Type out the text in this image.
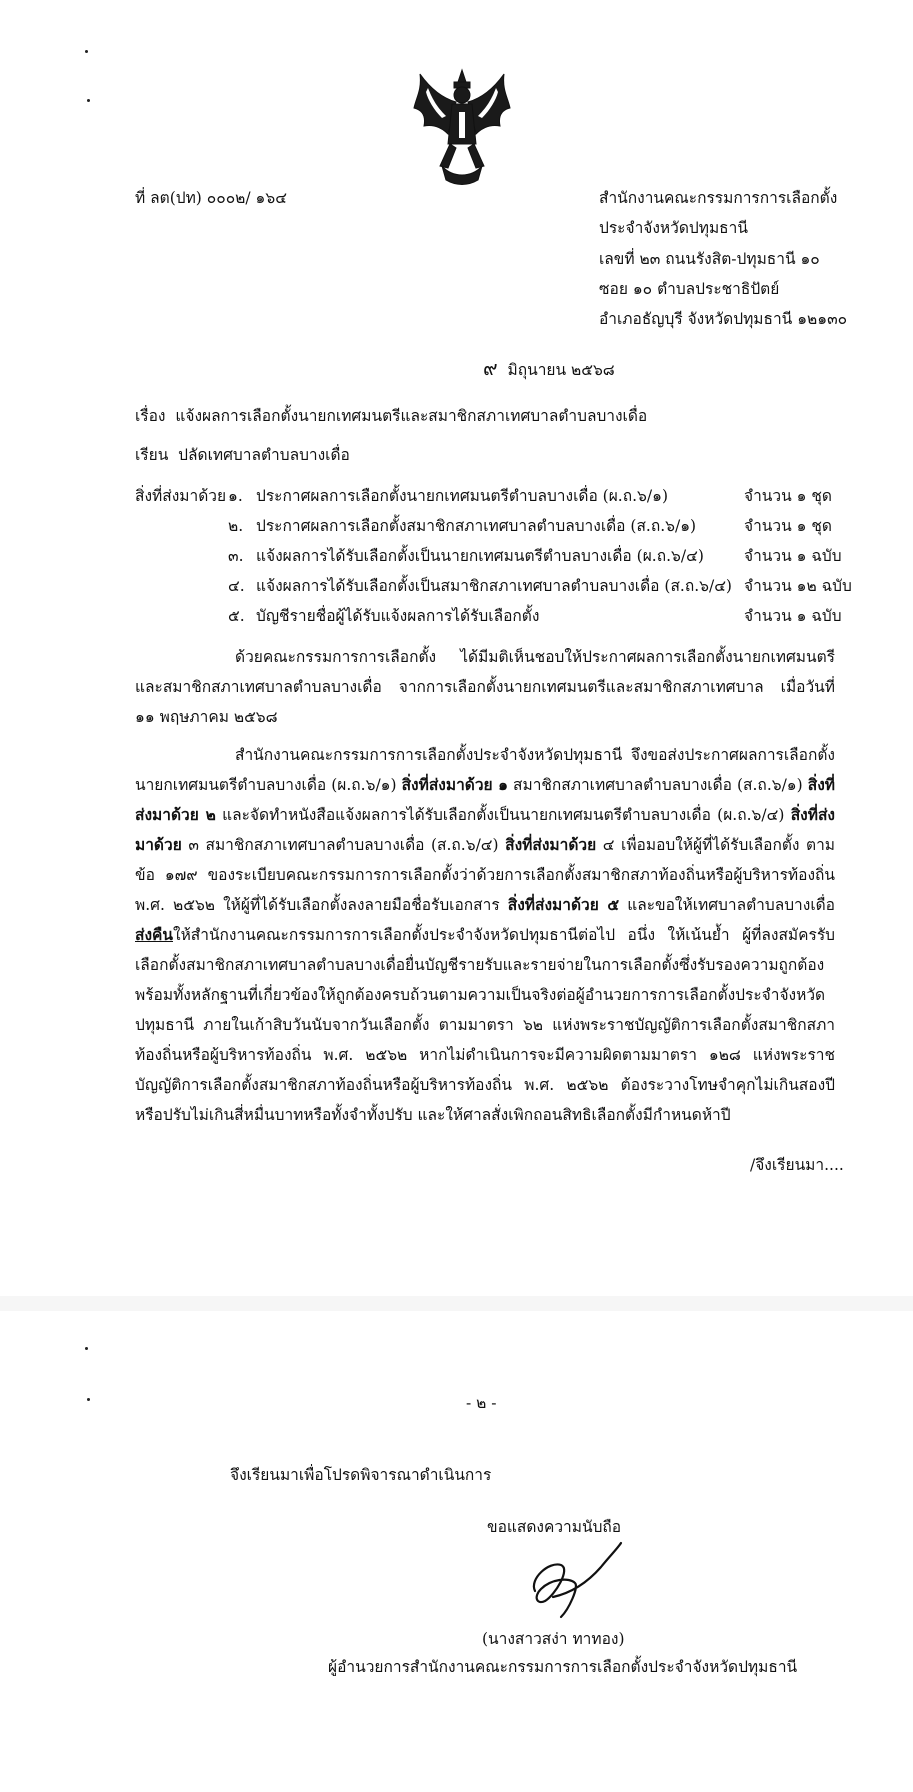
ที่ ลต(ปท) ๐๐๐๒/ ๑๖๔	สำนักงานคณะกรรมการการเลือกตั้ง
ประจำจังหวัดปทุมธานี
เลขที่ ๒๓ ถนนรังสิต-ปทุมธานี ๑๐
ซอย ๑๐ ตำบลประชาธิปัตย์
อำเภอธัญบุรี จังหวัดปทุมธานี ๑๒๑๓๐
๙ มิถุนายน ๒๕๖๘
เรื่อง แจ้งผลการเลือกตั้งนายกเทศมนตรีและสมาชิกสภาเทศบาลตำบลบางเดื่อ
เรียน ปลัดเทศบาลตำบลบางเดื่อ
สิ่งที่ส่งมาด้วย ๑. ประกาศผลการเลือกตั้งนายกเทศมนตรีตำบลบางเดื่อ (ผ.ถ.๖/๑)	จำนวน ๑ ชุด
๒. ประกาศผลการเลือกตั้งสมาชิกสภาเทศบาลตำบลบางเดื่อ (ส.ถ.๖/๑)	จำนวน ๑ ชุด
๓. แจ้งผลการได้รับเลือกตั้งเป็นนายกเทศมนตรีตำบลบางเดื่อ (ผ.ถ.๖/๔)	จำนวน ๑ ฉบับ
๔. แจ้งผลการได้รับเลือกตั้งเป็นสมาชิกสภาเทศบาลตำบลบางเดื่อ (ส.ถ.๖/๔) จำนวน ๑๒ ฉบับ
๕. บัญชีรายชื่อผู้ได้รับแจ้งผลการได้รับเลือกตั้ง	จำนวน ๑ ฉบับ
ด้วยคณะกรรมการการเลือกตั้ง ได้มีมติเห็นชอบให้ประกาศผลการเลือกตั้งนายกเทศมนตรีและสมาชิกสภาเทศบาลตำบลบางเดื่อ จากการเลือกตั้งนายกเทศมนตรีและสมาชิกสภาเทศบาล เมื่อวันที่ ๑๑ พฤษภาคม ๒๕๖๘
สำนักงานคณะกรรมการการเลือกตั้งประจำจังหวัดปทุมธานี จึงขอส่งประกาศผลการเลือกตั้งนายกเทศมนตรีตำบลบางเดื่อ (ผ.ถ.๖/๑) สิ่งที่ส่งมาด้วย ๑ สมาชิกสภาเทศบาลตำบลบางเดื่อ (ส.ถ.๖/๑) สิ่งที่ส่งมาด้วย ๒ และจัดทำหนังสือแจ้งผลการได้รับเลือกตั้งเป็นนายกเทศมนตรีตำบลบางเดื่อ (ผ.ถ.๖/๔) สิ่งที่ส่งมาด้วย ๓ สมาชิกสภาเทศบาลตำบลบางเดื่อ (ส.ถ.๖/๔) สิ่งที่ส่งมาด้วย ๔ เพื่อมอบให้ผู้ที่ได้รับเลือกตั้ง ตามข้อ ๑๗๙ ของระเบียบคณะกรรมการการเลือกตั้งว่าด้วยการเลือกตั้งสมาชิกสภาท้องถิ่นหรือผู้บริหารท้องถิ่น พ.ศ. ๒๕๖๒ ให้ผู้ที่ได้รับเลือกตั้งลงลายมือชื่อรับเอกสาร สิ่งที่ส่งมาด้วย ๕ และขอให้เทศบาลตำบลบางเดื่อ ส่งคืนให้สำนักงานคณะกรรมการการเลือกตั้งประจำจังหวัดปทุมธานีต่อไป อนึ่ง ให้เน้นย้ำ ผู้ที่ลงสมัครรับเลือกตั้งสมาชิกสภาเทศบาลตำบลบางเดื่อยื่นบัญชีรายรับและรายจ่ายในการเลือกตั้งซึ่งรับรองความถูกต้องพร้อมทั้งหลักฐานที่เกี่ยวข้องให้ถูกต้องครบถ้วนตามความเป็นจริงต่อผู้อำนวยการการเลือกตั้งประจำจังหวัดปทุมธานี ภายในเก้าสิบวันนับจากวันเลือกตั้ง ตามมาตรา ๖๒ แห่งพระราชบัญญัติการเลือกตั้งสมาชิกสภาท้องถิ่นหรือผู้บริหารท้องถิ่น พ.ศ. ๒๕๖๒ หากไม่ดำเนินการจะมีความผิดตามมาตรา ๑๒๘ แห่งพระราชบัญญัติการเลือกตั้งสมาชิกสภาท้องถิ่นหรือผู้บริหารท้องถิ่น พ.ศ. ๒๕๖๒ ต้องระวางโทษจำคุกไม่เกินสองปี หรือปรับไม่เกินสี่หมื่นบาทหรือทั้งจำทั้งปรับ และให้ศาลสั่งเพิกถอนสิทธิเลือกตั้งมีกำหนดห้าปี
/จึงเรียนมา....
- ๒ -
จึงเรียนมาเพื่อโปรดพิจารณาดำเนินการ
ขอแสดงความนับถือ
(นางสาวสง่า ทาทอง)
ผู้อำนวยการสำนักงานคณะกรรมการการเลือกตั้งประจำจังหวัดปทุมธานี
